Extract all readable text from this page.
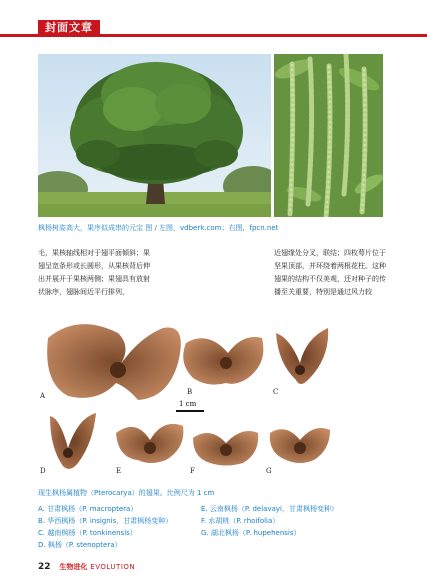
封面文章
枫杨树姿高大，果序似成串的元宝 图 / 左图，vdberk.com；右图，fpcn.net

毛，果核轴线相对于翅平面倾斜；果翅呈宽条形或长圆形，从果核背后伸出并展开于果核两侧；果翅具有放射状脉序，翅脉间近平行排列，

近翅缘处分叉，联结；四枚萼片位于坚果顶部，并环绕着两根花柱。这种翅果的结构不仅美观，还对种子的传播至关重要，特别是通过风力较

A	B	C
D	E	F	G
1 cm
现生枫杨属植物（Pterocarya）的翅果。比例尺为 1 cm
A. 甘肃枫杨（P. macroptera）
B. 华西枫杨（P. insignis，甘肃枫杨变种）
C. 越南枫杨（P. tonkinensis）
D. 枫杨（P. stenoptera）
E. 云南枫杨（P. delavayi，甘肃枫杨变种）
F. 水胡桃（P. rhoifolia）
G. 湖北枫杨（P. hupehensis）
22 生物进化 EVOLUTION
